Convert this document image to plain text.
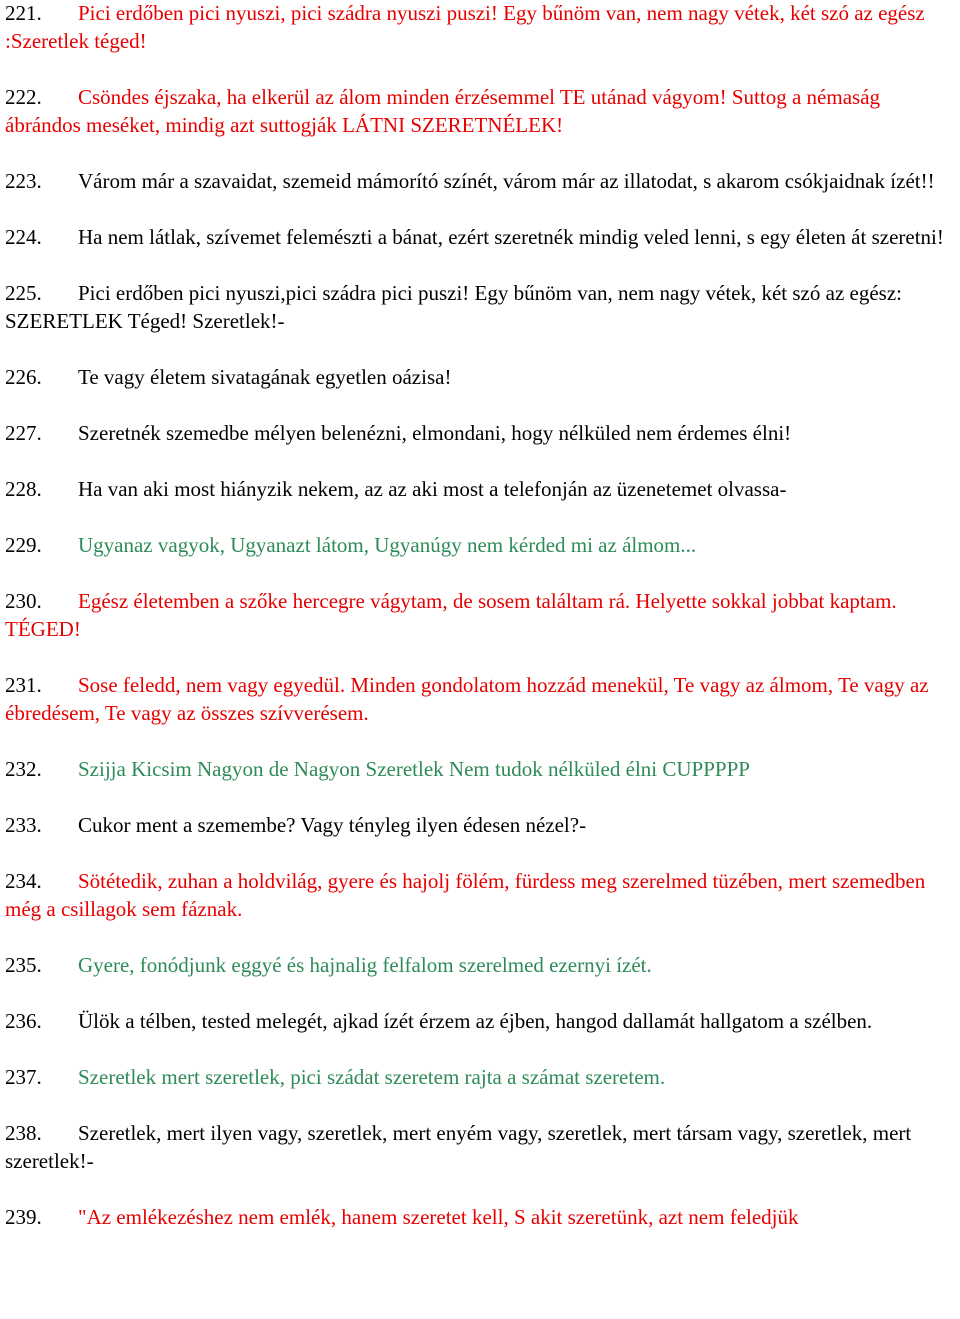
221. Pici erdőben pici nyuszi, pici szádra nyuszi puszi! Egy bűnöm van, nem nagy vétek, két szó az egész :Szeretlek téged!

222. Csöndes éjszaka, ha elkerül az álom minden érzésemmel TE utánad vágyom! Suttog a némaság ábrándos meséket, mindig azt suttogják LÁTNI SZERETNÉLEK!

223. Várom már a szavaidat, szemeid mámorító színét, várom már az illatodat, s akarom csókjaidnak ízét!!

224. Ha nem látlak, szívemet felemészti a bánat, ezért szeretnék mindig veled lenni, s egy életen át szeretni!

225. Pici erdőben pici nyuszi,pici szádra pici puszi! Egy bűnöm van, nem nagy vétek, két szó az egész: SZERETLEK Téged! Szeretlek!-

226. Te vagy életem sivatagának egyetlen oázisa!

227. Szeretnék szemedbe mélyen belenézni, elmondani, hogy nélküled nem érdemes élni!

228. Ha van aki most hiányzik nekem, az az aki most a telefonján az üzenetemet olvassa-

229. Ugyanaz vagyok, Ugyanazt látom, Ugyanúgy nem kérded mi az álmom...

230. Egész életemben a szőke hercegre vágytam, de sosem találtam rá. Helyette sokkal jobbat kaptam. TÉGED!

231. Sose feledd, nem vagy egyedül. Minden gondolatom hozzád menekül, Te vagy az álmom, Te vagy az ébredésem, Te vagy az összes szívverésem.

232. Szijja Kicsim Nagyon de Nagyon Szeretlek Nem tudok nélküled élni CUPPPPP

233. Cukor ment a szemembe? Vagy tényleg ilyen édesen nézel?-

234. Sötétedik, zuhan a holdvilág, gyere és hajolj fölém, fürdess meg szerelmed tüzében, mert szemedben még a csillagok sem fáznak.

235. Gyere, fonódjunk eggyé és hajnalig felfalom szerelmed ezernyi ízét.

236. Ülök a télben, tested melegét, ajkad ízét érzem az éjben, hangod dallamát hallgatom a szélben.

237. Szeretlek mert szeretlek, pici szádat szeretem rajta a számat szeretem.

238. Szeretlek, mert ilyen vagy, szeretlek, mert enyém vagy, szeretlek, mert társam vagy, szeretlek, mert szeretlek!-

239. "Az emlékezéshez nem emlék, hanem szeretet kell, S akit szeretünk, azt nem feledjük
